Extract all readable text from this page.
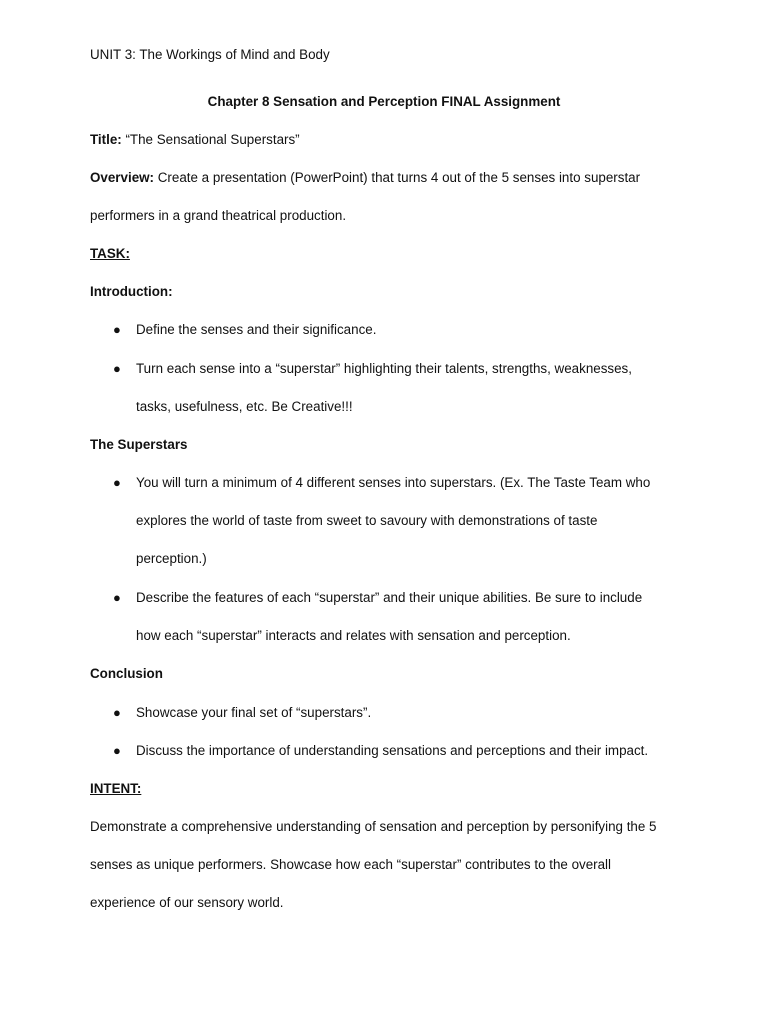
UNIT 3: The Workings of Mind and Body
Chapter 8 Sensation and Perception FINAL Assignment
Title: “The Sensational Superstars”
Overview: Create a presentation (PowerPoint) that turns 4 out of the 5 senses into superstar
performers in a grand theatrical production.
TASK:
Introduction:
● Define the senses and their significance.
● Turn each sense into a “superstar” highlighting their talents, strengths, weaknesses,
tasks, usefulness, etc. Be Creative!!!
The Superstars
● You will turn a minimum of 4 different senses into superstars. (Ex. The Taste Team who
explores the world of taste from sweet to savoury with demonstrations of taste
perception.)
● Describe the features of each “superstar” and their unique abilities. Be sure to include
how each “superstar” interacts and relates with sensation and perception.
Conclusion
● Showcase your final set of “superstars”.
● Discuss the importance of understanding sensations and perceptions and their impact.
INTENT:
Demonstrate a comprehensive understanding of sensation and perception by personifying the 5
senses as unique performers. Showcase how each “superstar” contributes to the overall
experience of our sensory world.
